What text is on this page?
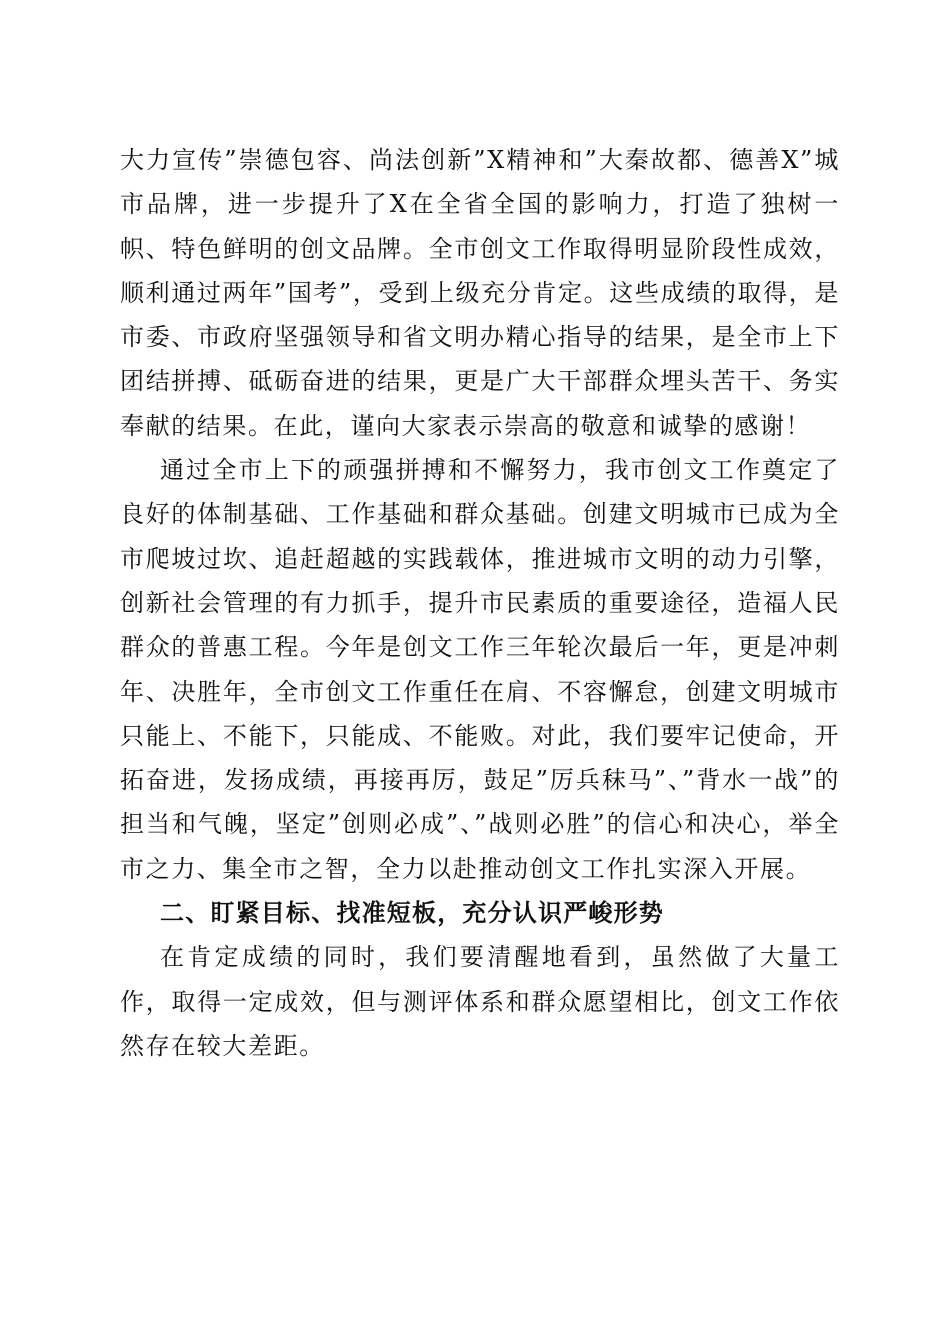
大力宣传”崇德包容、尚法创新”X精神和”大秦故都、德善X”城市品牌，进一步提升了X在全省全国的影响力，打造了独树一帜、特色鲜明的创文品牌。全市创文工作取得明显阶段性成效，顺利通过两年”国考”，受到上级充分肯定。这些成绩的取得，是市委、市政府坚强领导和省文明办精心指导的结果，是全市上下团结拼搏、砥砺奋进的结果，更是广大干部群众埋头苦干、务实奉献的结果。在此，谨向大家表示崇高的敬意和诚挚的感谢！

通过全市上下的顽强拼搏和不懈努力，我市创文工作奠定了良好的体制基础、工作基础和群众基础。创建文明城市已成为全市爬坡过坎、追赶超越的实践载体，推进城市文明的动力引擎，创新社会管理的有力抓手，提升市民素质的重要途径，造福人民群众的普惠工程。今年是创文工作三年轮次最后一年，更是冲刺年、决胜年，全市创文工作重任在肩、不容懈怠，创建文明城市只能上、不能下，只能成、不能败。对此，我们要牢记使命，开拓奋进，发扬成绩，再接再厉，鼓足”厉兵秣马”、”背水一战”的担当和气魄，坚定”创则必成”、”战则必胜”的信心和决心，举全市之力、集全市之智，全力以赴推动创文工作扎实深入开展。

二、盯紧目标、找准短板，充分认识严峻形势

在肯定成绩的同时，我们要清醒地看到，虽然做了大量工作，取得一定成效，但与测评体系和群众愿望相比，创文工作依然存在较大差距。
